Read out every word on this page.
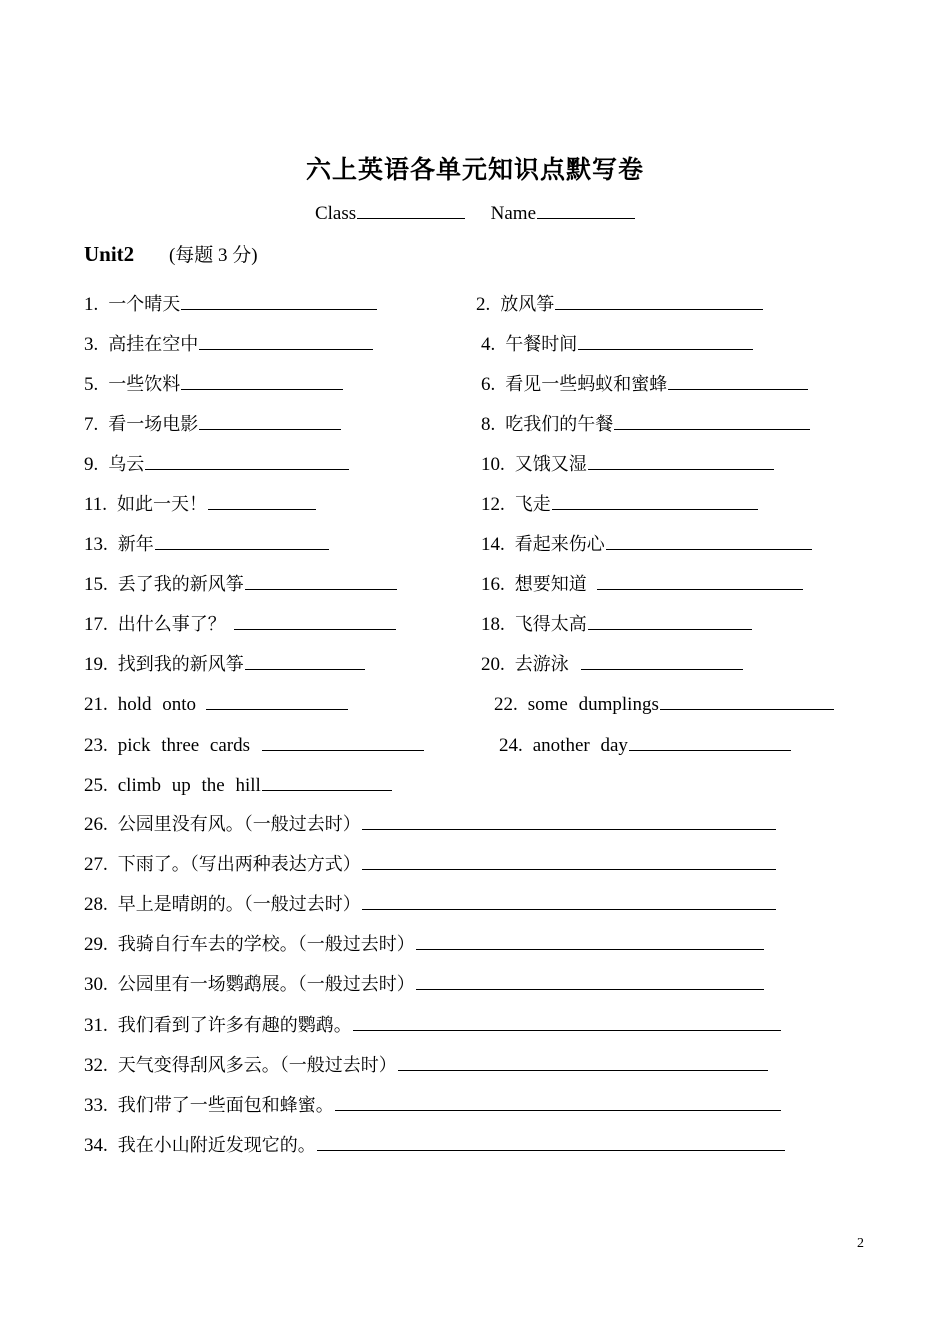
六上英语各单元知识点默写卷
Class	Name
Unit2 (每题 3 分)
1. 一个晴天	2. 放风筝
3. 高挂在空中	4. 午餐时间
5. 一些饮料	6. 看见一些蚂蚁和蜜蜂
7. 看一场电影	8. 吃我们的午餐
9. 乌云	10. 又饿又湿
11. 如此一天！	12. 飞走
13. 新年	14. 看起来伤心
15. 丢了我的新风筝	16. 想要知道
17. 出什么事了？	18. 飞得太高
19. 找到我的新风筝	20. 去游泳
21. hold onto	22. some dumplings
23. pick three cards	24. another day
25. climb up the hill
26. 公园里没有风。（一般过去时）
27. 下雨了。（写出两种表达方式）
28. 早上是晴朗的。（一般过去时）
29. 我骑自行车去的学校。（一般过去时）
30. 公园里有一场鹦鹉展。（一般过去时）
31. 我们看到了许多有趣的鹦鹉。
32. 天气变得刮风多云。（一般过去时）
33. 我们带了一些面包和蜂蜜。
34. 我在小山附近发现它的。
2
